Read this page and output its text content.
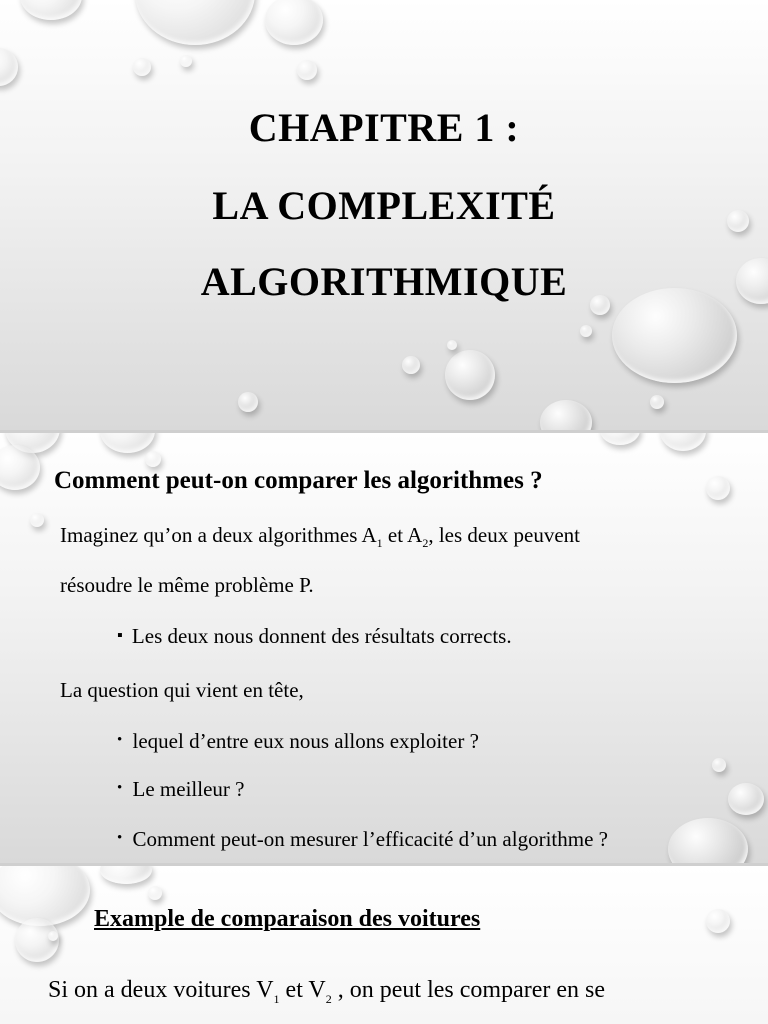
CHAPITRE 1 :
LA COMPLEXITÉ
ALGORITHMIQUE
Comment peut-on comparer les algorithmes ?
Imaginez qu’on a deux algorithmes $A_1$ et $A_2$, les deux peuvent
résoudre le même problème P.
▪ Les deux nous donnent des résultats corrects.
La question qui vient en tête,
• lequel d’entre eux nous allons exploiter ?
• Le meilleur ?
• Comment peut-on mesurer l’efficacité d’un algorithme ?
Example de comparaison des voitures
Si on a deux voitures $V_1$ et $V_2$ , on peut les comparer en se
